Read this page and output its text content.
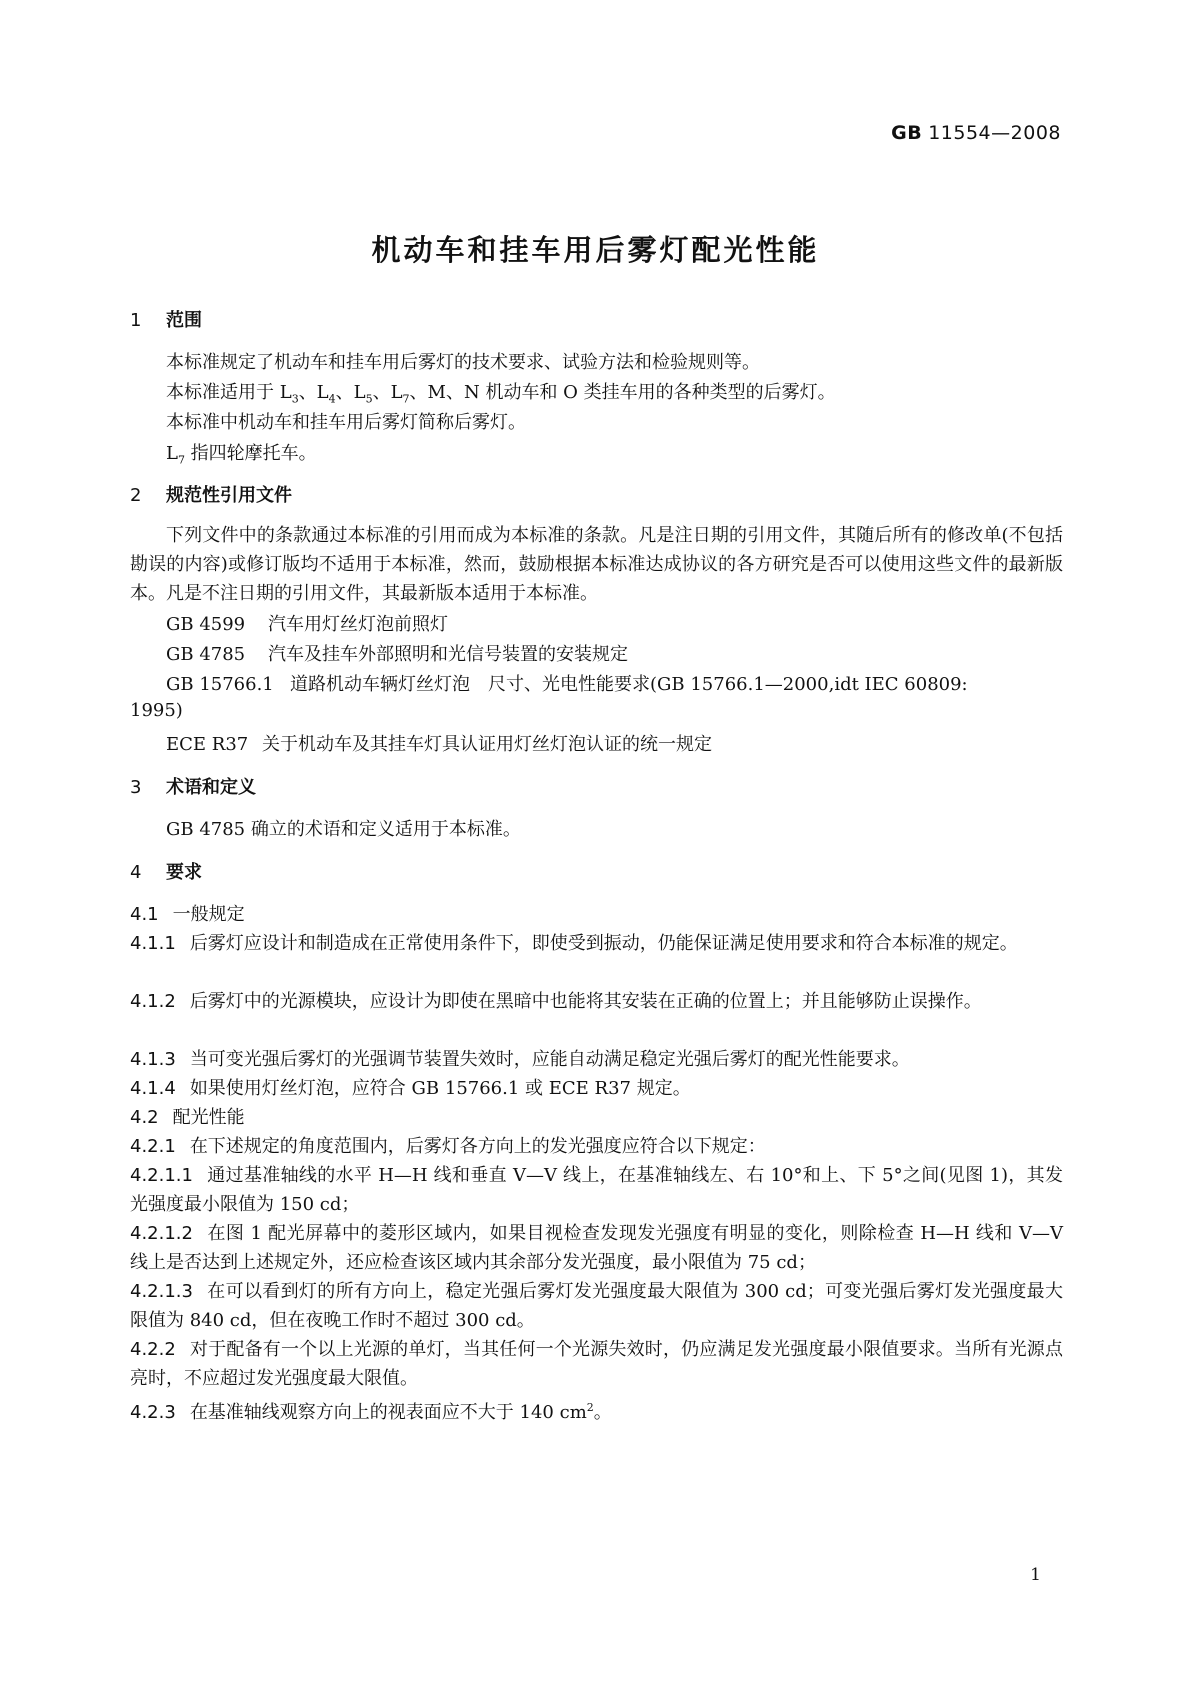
GB 11554—2008
机动车和挂车用后雾灯配光性能
1 范围
本标准规定了机动车和挂车用后雾灯的技术要求、试验方法和检验规则等。
本标准适用于 $L_3$、$L_4$、$L_5$、$L_7$、M、N 机动车和 O 类挂车用的各种类型的后雾灯。
本标准中机动车和挂车用后雾灯简称后雾灯。
$L_7$ 指四轮摩托车。
2 规范性引用文件
下列文件中的条款通过本标准的引用而成为本标准的条款。凡是注日期的引用文件，其随后所有的修改单(不包括勘误的内容)或修订版均不适用于本标准，然而，鼓励根据本标准达成协议的各方研究是否可以使用这些文件的最新版本。凡是不注日期的引用文件，其最新版本适用于本标准。
GB 4599 汽车用灯丝灯泡前照灯
GB 4785 汽车及挂车外部照明和光信号装置的安装规定
GB 15766.1 道路机动车辆灯丝灯泡　尺寸、光电性能要求(GB 15766.1—2000,idt IEC 60809:
1995)
ECE R37 关于机动车及其挂车灯具认证用灯丝灯泡认证的统一规定
3 术语和定义
GB 4785 确立的术语和定义适用于本标准。
4 要求
4.1 一般规定
4.1.1 后雾灯应设计和制造成在正常使用条件下，即使受到振动，仍能保证满足使用要求和符合本标准的规定。
4.1.2 后雾灯中的光源模块，应设计为即使在黑暗中也能将其安装在正确的位置上；并且能够防止误操作。
4.1.3 当可变光强后雾灯的光强调节装置失效时，应能自动满足稳定光强后雾灯的配光性能要求。
4.1.4 如果使用灯丝灯泡，应符合 GB 15766.1 或 ECE R37 规定。
4.2 配光性能
4.2.1 在下述规定的角度范围内，后雾灯各方向上的发光强度应符合以下规定：
4.2.1.1 通过基准轴线的水平 H—H 线和垂直 V—V 线上，在基准轴线左、右 10°和上、下 5°之间(见图 1)，其发光强度最小限值为 150 cd；
4.2.1.2 在图 1 配光屏幕中的菱形区域内，如果目视检查发现发光强度有明显的变化，则除检查 H—H 线和 V—V 线上是否达到上述规定外，还应检查该区域内其余部分发光强度，最小限值为 75 cd；
4.2.1.3 在可以看到灯的所有方向上，稳定光强后雾灯发光强度最大限值为 300 cd；可变光强后雾灯发光强度最大限值为 840 cd，但在夜晚工作时不超过 300 cd。
4.2.2 对于配备有一个以上光源的单灯，当其任何一个光源失效时，仍应满足发光强度最小限值要求。当所有光源点亮时，不应超过发光强度最大限值。
4.2.3 在基准轴线观察方向上的视表面应不大于 140 $cm^2$。
1
